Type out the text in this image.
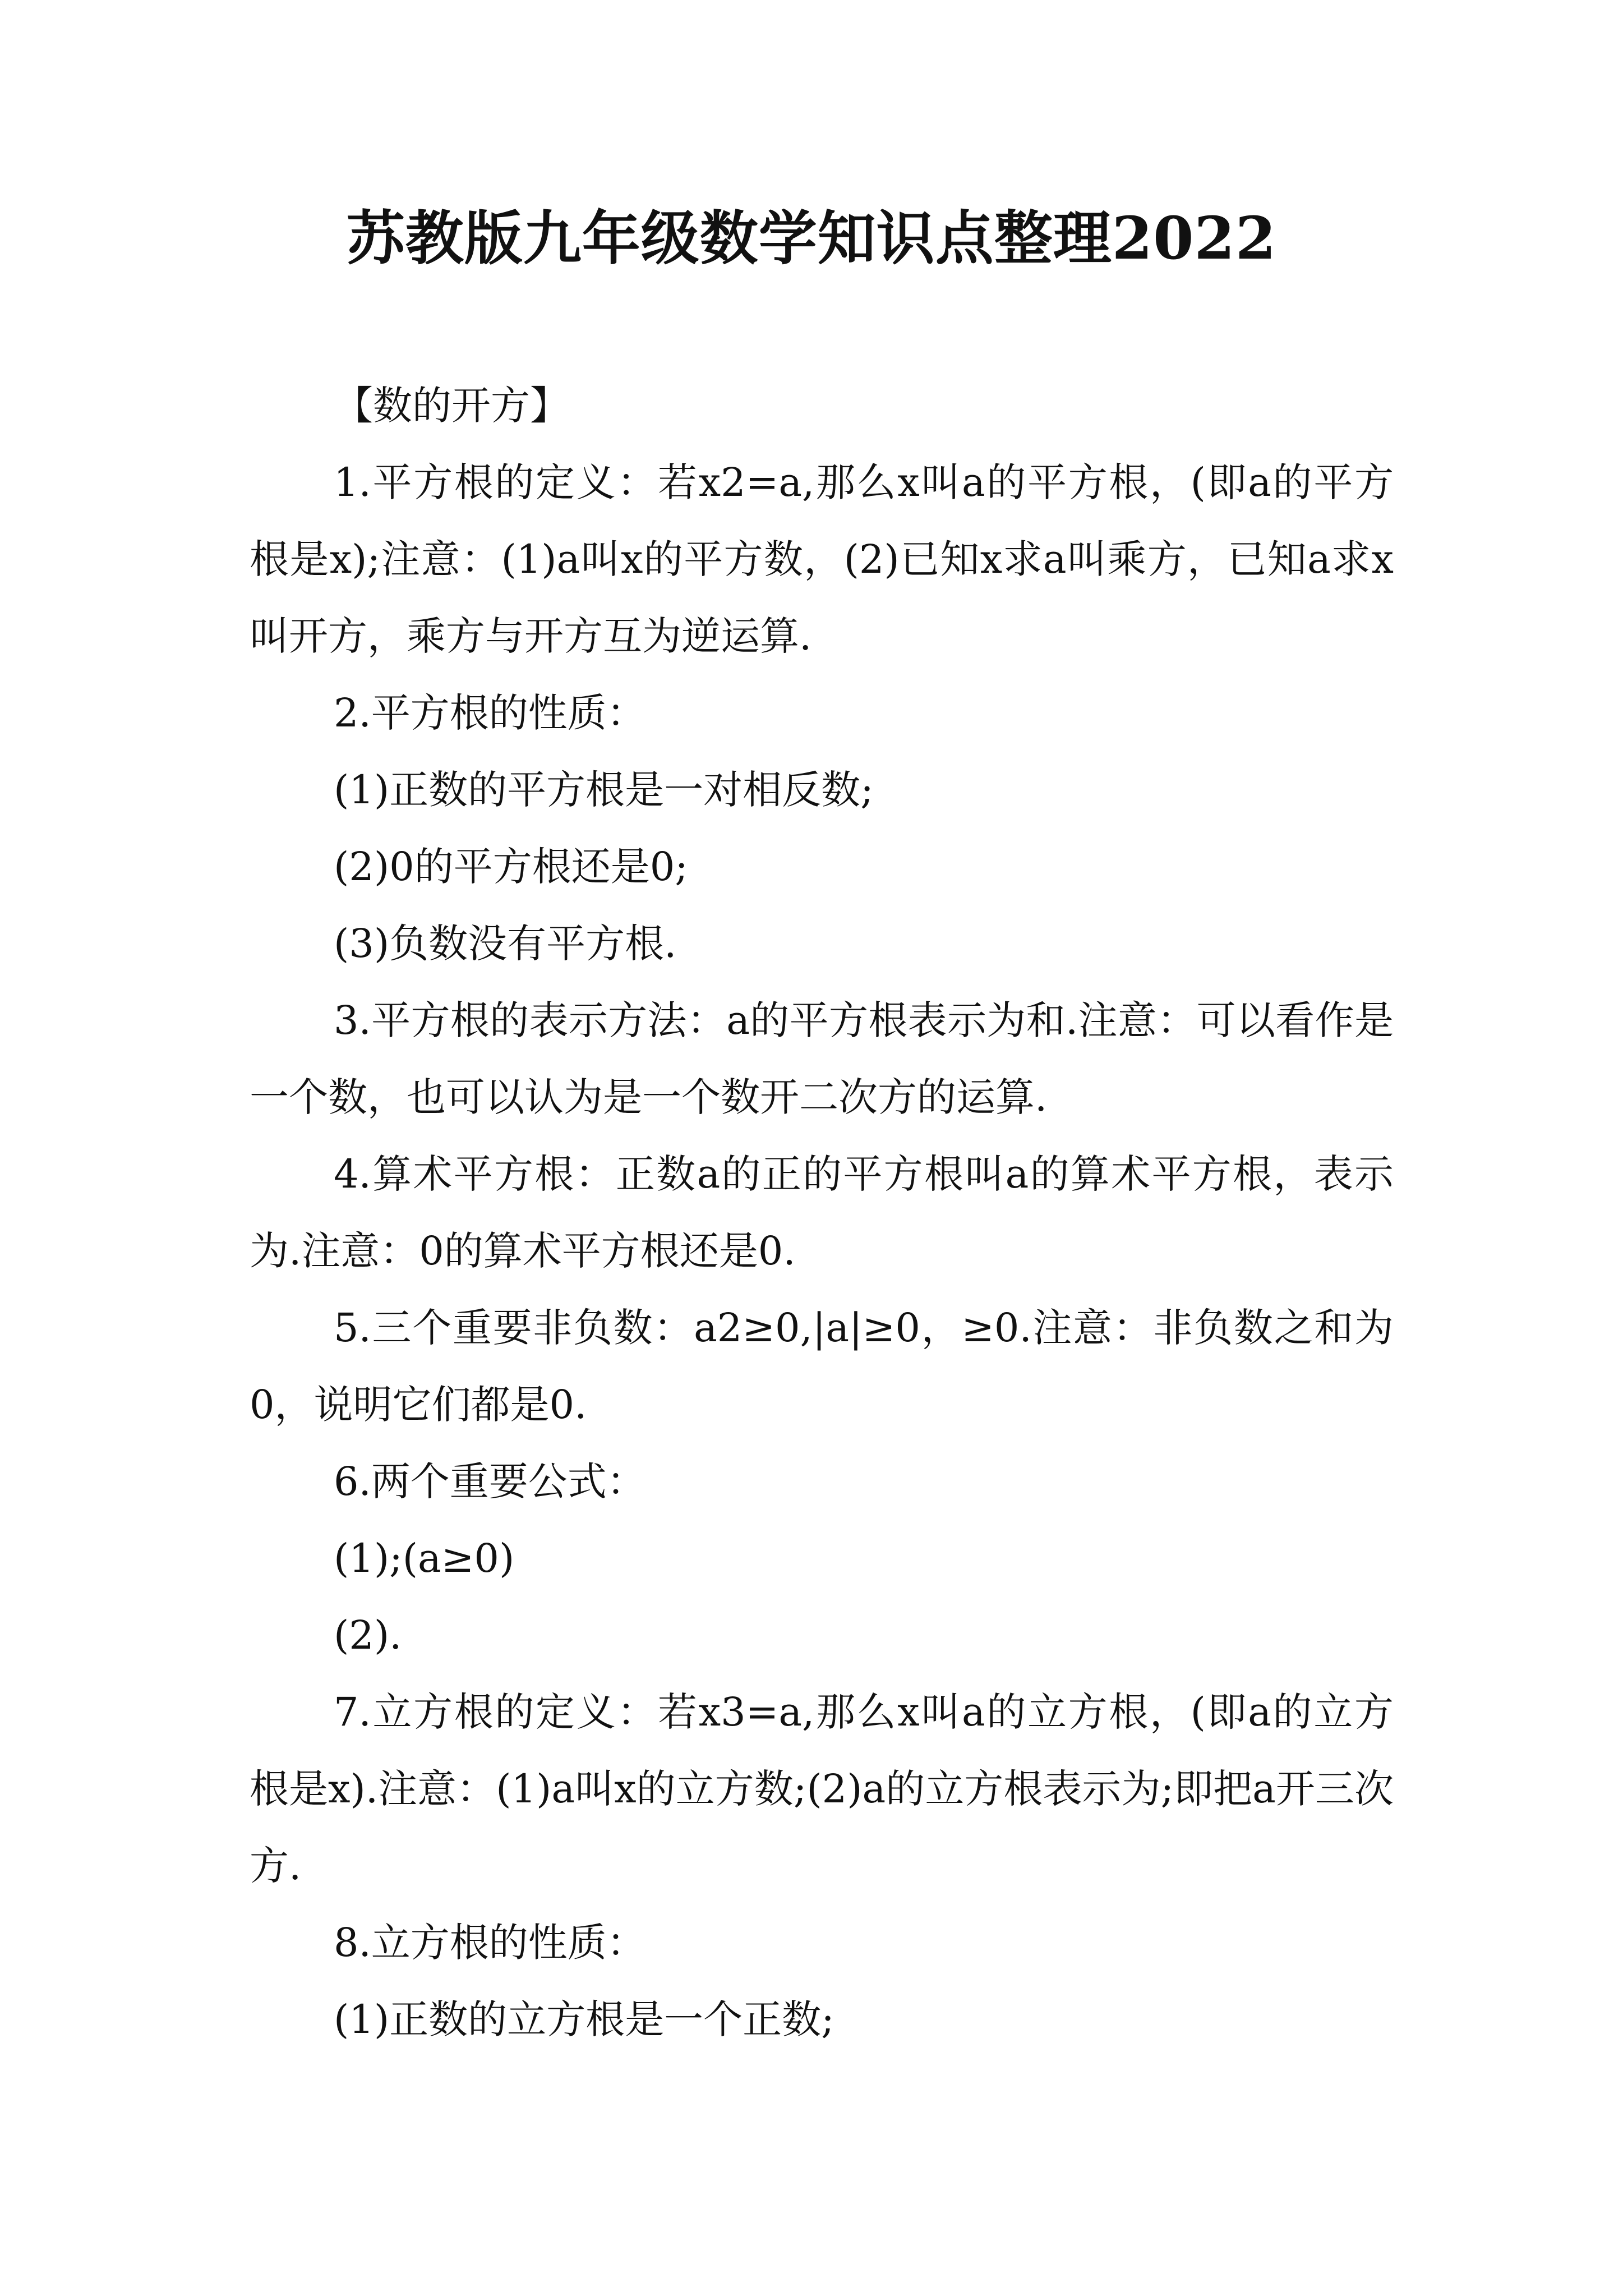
苏教版九年级数学知识点整理2022

【数的开方】

1.平方根的定义：若x2=a,那么x叫a的平方根，(即a的平方根是x);注意：(1)a叫x的平方数，(2)已知x求a叫乘方，已知a求x叫开方，乘方与开方互为逆运算.

2.平方根的性质：

(1)正数的平方根是一对相反数;

(2)0的平方根还是0;

(3)负数没有平方根.

3.平方根的表示方法：a的平方根表示为和.注意：可以看作是一个数，也可以认为是一个数开二次方的运算.

4.算术平方根：正数a的正的平方根叫a的算术平方根，表示为.注意：0的算术平方根还是0.

5.三个重要非负数：a2≥0,|a|≥0，≥0.注意：非负数之和为0，说明它们都是0.

6.两个重要公式：

(1);(a≥0)

(2).

7.立方根的定义：若x3=a,那么x叫a的立方根，(即a的立方根是x).注意：(1)a叫x的立方数;(2)a的立方根表示为;即把a开三次方.

8.立方根的性质：

(1)正数的立方根是一个正数;
